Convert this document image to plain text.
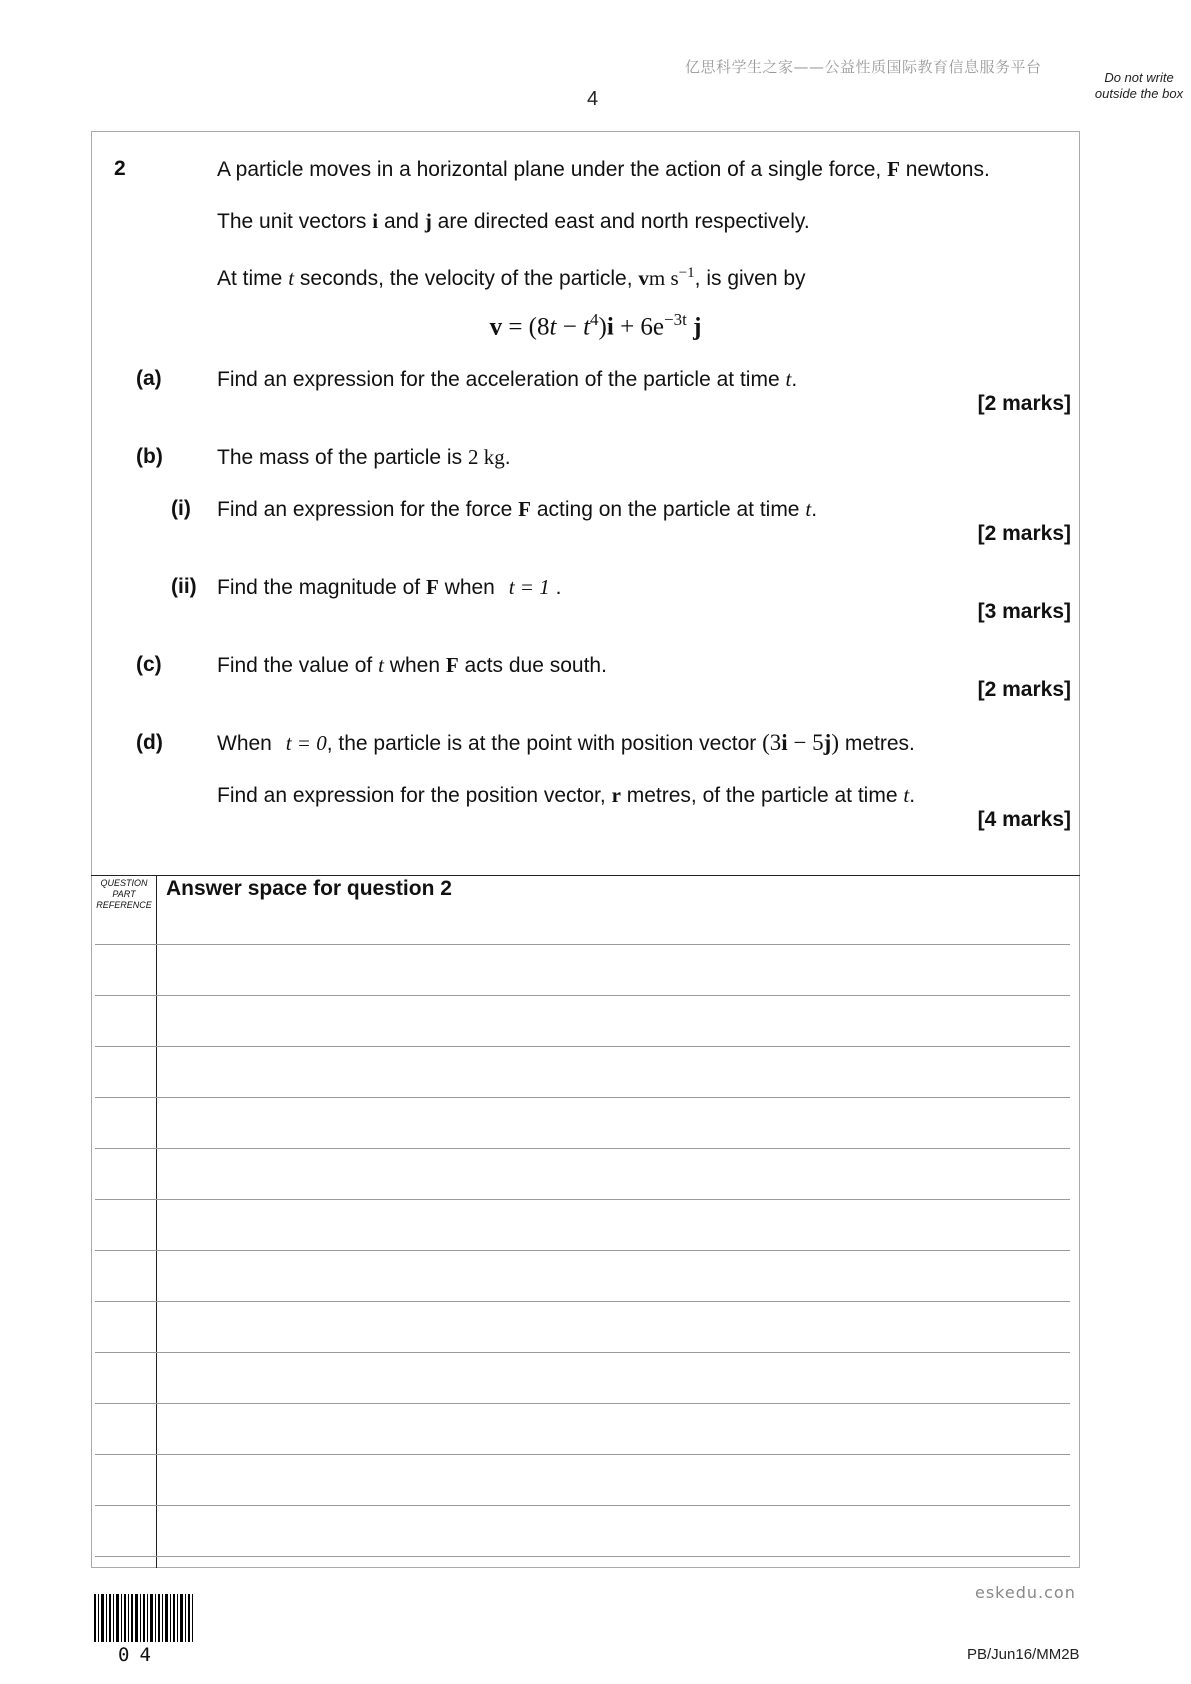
亿思科学生之家——公益性质国际教育信息服务平台
4
Do not write outside the box
2	A particle moves in a horizontal plane under the action of a single force, F newtons.
The unit vectors i and j are directed east and north respectively.
At time t seconds, the velocity of the particle, vm $s^{-1}$, is given by
$v = (8t - t^4)i + 6e^{-3t}$ j
(a)	Find an expression for the acceleration of the particle at time t.
[2 marks]
(b)	The mass of the particle is 2 kg.
(i) Find an expression for the force F acting on the particle at time t.
[2 marks]
(ii) Find the magnitude of F when t = 1 .
[3 marks]
(c)	Find the value of t when F acts due south.
[2 marks]
(d)	When t = 0, the particle is at the point with position vector (3i − 5j) metres.
Find an expression for the position vector, r metres, of the particle at time t.
[4 marks]
QUESTION PART REFERENCE
Answer space for question 2
04
eskedu.con
PB/Jun16/MM2B
